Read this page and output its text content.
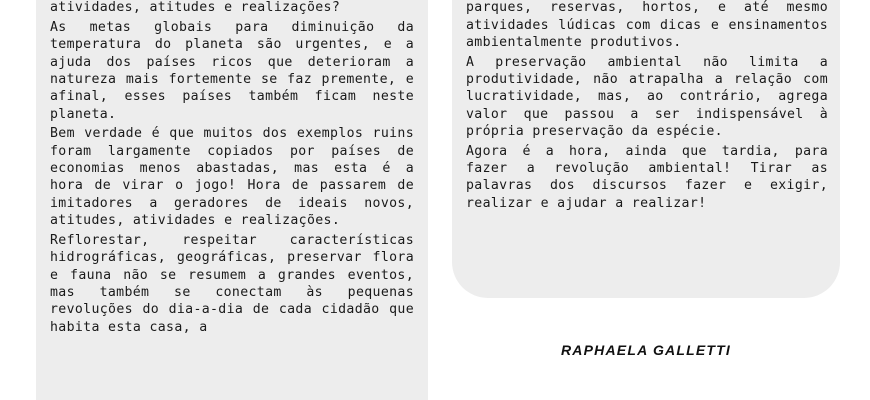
atividades, atitudes e realizações?

As metas globais para diminuição da temperatura do planeta são urgentes, e a ajuda dos países ricos que deterioram a natureza mais fortemente se faz premente, e afinal, esses países também ficam neste planeta.

Bem verdade é que muitos dos exemplos ruins foram largamente copiados por países de economias menos abastadas, mas esta é a hora de virar o jogo! Hora de passarem de imitadores a geradores de ideais novos, atitudes, atividades e realizações.

Reflorestar, respeitar características hidrográficas, geográficas, preservar flora e fauna não se resumem a grandes eventos, mas também se conectam às pequenas revoluções do dia-a-dia de cada cidadão que habita esta casa, a

parques, reservas, hortos, e até mesmo atividades lúdicas com dicas e ensinamentos ambientalmente produtivos.

A preservação ambiental não limita a produtividade, não atrapalha a relação com lucratividade, mas, ao contrário, agrega valor que passou a ser indispensável à própria preservação da espécie.

Agora é a hora, ainda que tardia, para fazer a revolução ambiental! Tirar as palavras dos discursos fazer e exigir, realizar e ajudar a realizar!

RAPHAELA GALLETTI
